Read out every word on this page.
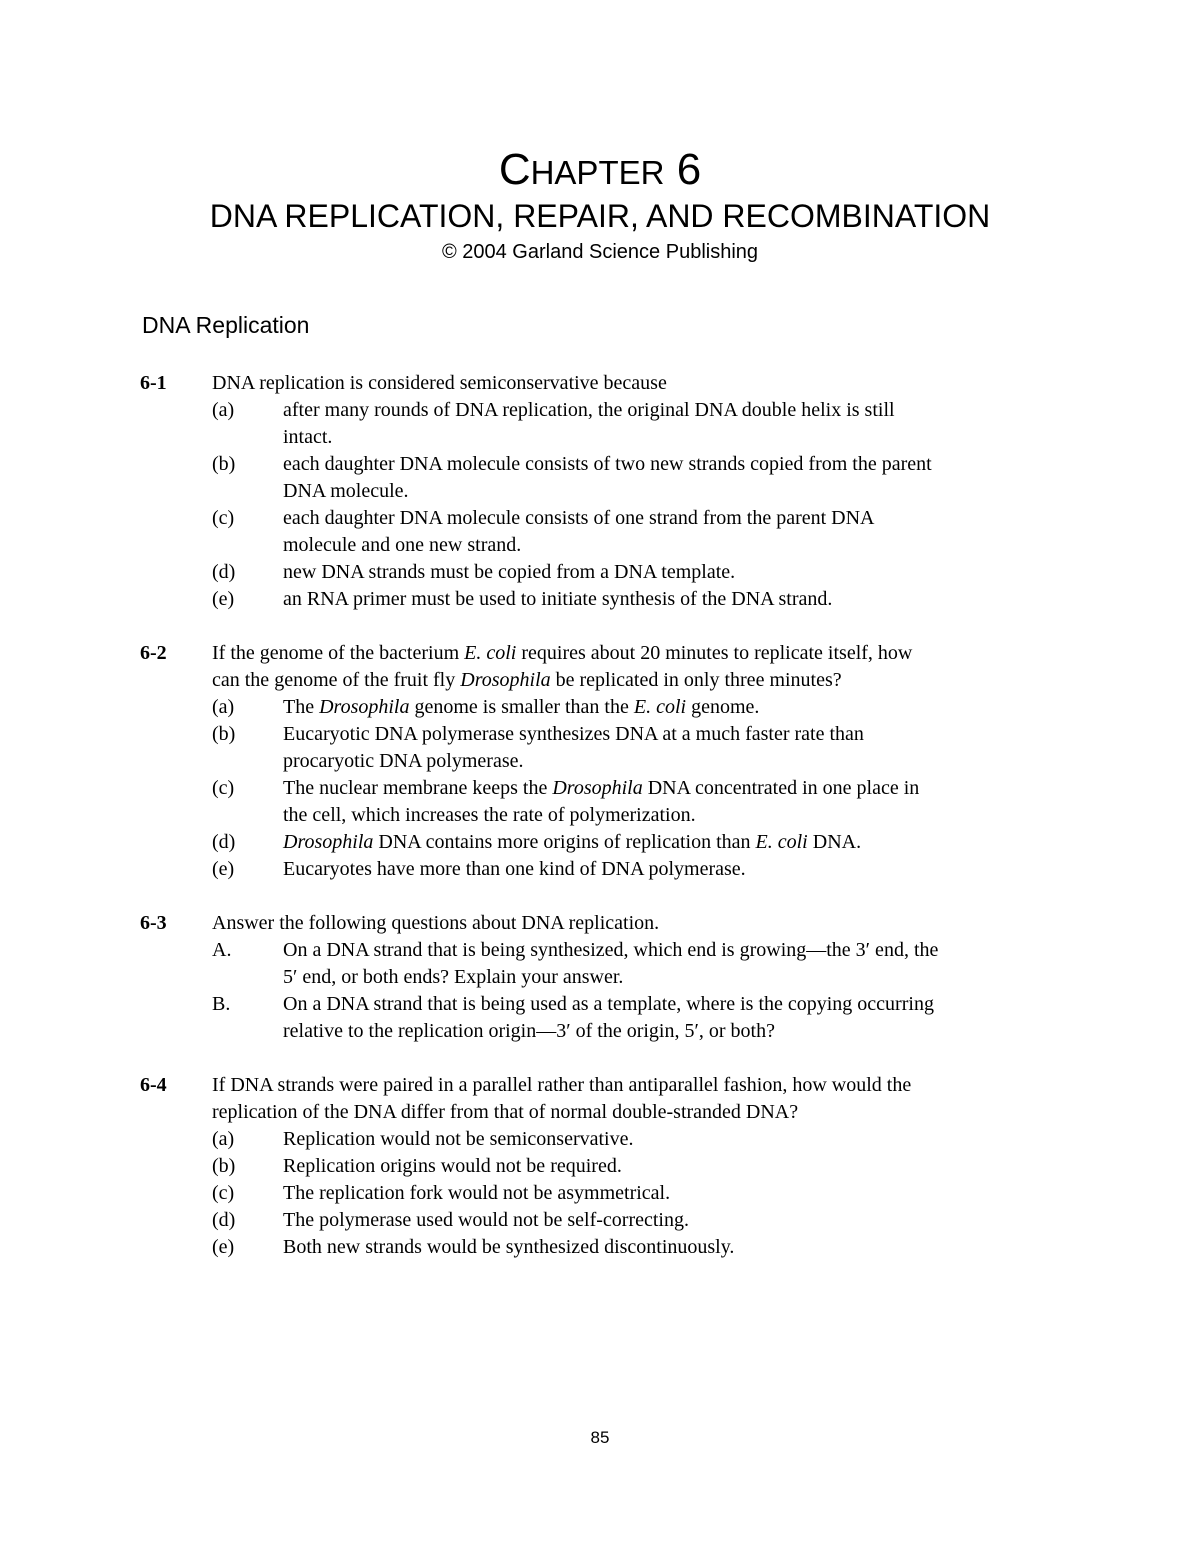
CHAPTER 6
DNA REPLICATION, REPAIR, AND RECOMBINATION
© 2004 Garland Science Publishing
DNA Replication
6-1 DNA replication is considered semiconservative because
(a) after many rounds of DNA replication, the original DNA double helix is still
intact.
(b) each daughter DNA molecule consists of two new strands copied from the parent
DNA molecule.
(c) each daughter DNA molecule consists of one strand from the parent DNA
molecule and one new strand.
(d) new DNA strands must be copied from a DNA template.
(e) an RNA primer must be used to initiate synthesis of the DNA strand.
6-2 If the genome of the bacterium E. coli requires about 20 minutes to replicate itself, how
can the genome of the fruit fly Drosophila be replicated in only three minutes?
(a) The Drosophila genome is smaller than the E. coli genome.
(b) Eucaryotic DNA polymerase synthesizes DNA at a much faster rate than
procaryotic DNA polymerase.
(c) The nuclear membrane keeps the Drosophila DNA concentrated in one place in
the cell, which increases the rate of polymerization.
(d) Drosophila DNA contains more origins of replication than E. coli DNA.
(e) Eucaryotes have more than one kind of DNA polymerase.
6-3 Answer the following questions about DNA replication.
A.	On a DNA strand that is being synthesized, which end is growing—the 3′ end, the
5′ end, or both ends? Explain your answer.
B.	On a DNA strand that is being used as a template, where is the copying occurring
relative to the replication origin—3′ of the origin, 5′, or both?
6-4 If DNA strands were paired in a parallel rather than antiparallel fashion, how would the
replication of the DNA differ from that of normal double-stranded DNA?
(a) Replication would not be semiconservative.
(b) Replication origins would not be required.
(c) The replication fork would not be asymmetrical.
(d) The polymerase used would not be self-correcting.
(e) Both new strands would be synthesized discontinuously.
85
